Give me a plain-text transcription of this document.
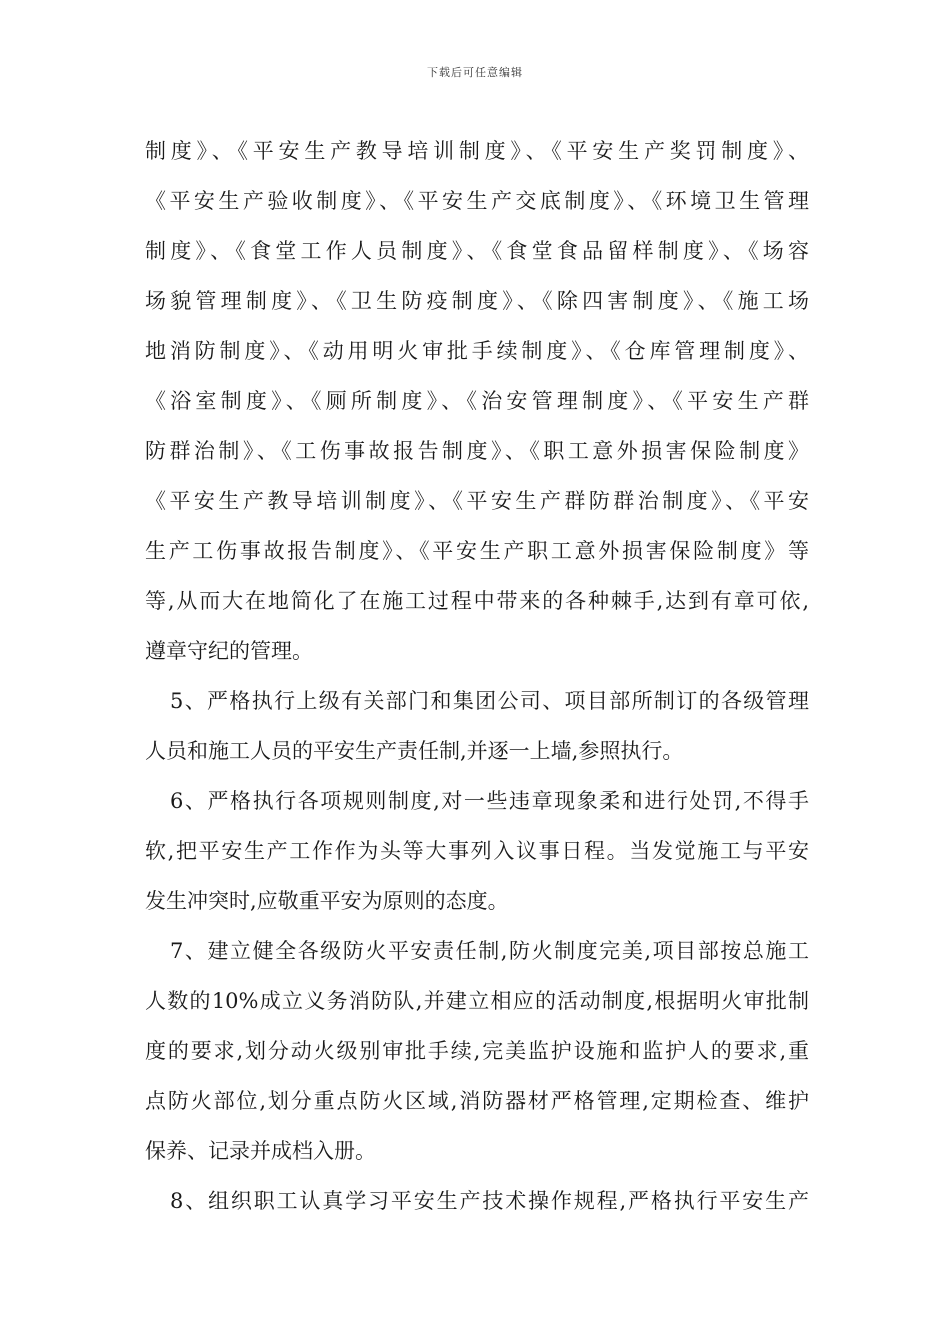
下载后可任意编辑
制度》、《平安生产教导培训制度》、《平安生产奖罚制度》、
《平安生产验收制度》、《平安生产交底制度》、《环境卫生管理
制度》、《食堂工作人员制度》、《食堂食品留样制度》、《场容
场貌管理制度》、《卫生防疫制度》、《除四害制度》、《施工场
地消防制度》、《动用明火审批手续制度》、《仓库管理制度》、
《浴室制度》、《厕所制度》、《治安管理制度》、《平安生产群
防群治制》、《工伤事故报告制度》、《职工意外损害保险制度》
《平安生产教导培训制度》、《平安生产群防群治制度》、《平安
生产工伤事故报告制度》、《平安生产职工意外损害保险制度》等
等,从而大在地简化了在施工过程中带来的各种棘手,达到有章可依,
遵章守纪的管理。
5、严格执行上级有关部门和集团公司、项目部所制订的各级管理
人员和施工人员的平安生产责任制,并逐一上墙,参照执行。
6、严格执行各项规则制度,对一些违章现象柔和进行处罚,不得手
软,把平安生产工作作为头等大事列入议事日程。当发觉施工与平安
发生冲突时,应敬重平安为原则的态度。
7、建立健全各级防火平安责任制,防火制度完美,项目部按总施工
人数的10%成立义务消防队,并建立相应的活动制度,根据明火审批制
度的要求,划分动火级别审批手续,完美监护设施和监护人的要求,重
点防火部位,划分重点防火区域,消防器材严格管理,定期检查、维护
保养、记录并成档入册。
8、组织职工认真学习平安生产技术操作规程,严格执行平安生产
